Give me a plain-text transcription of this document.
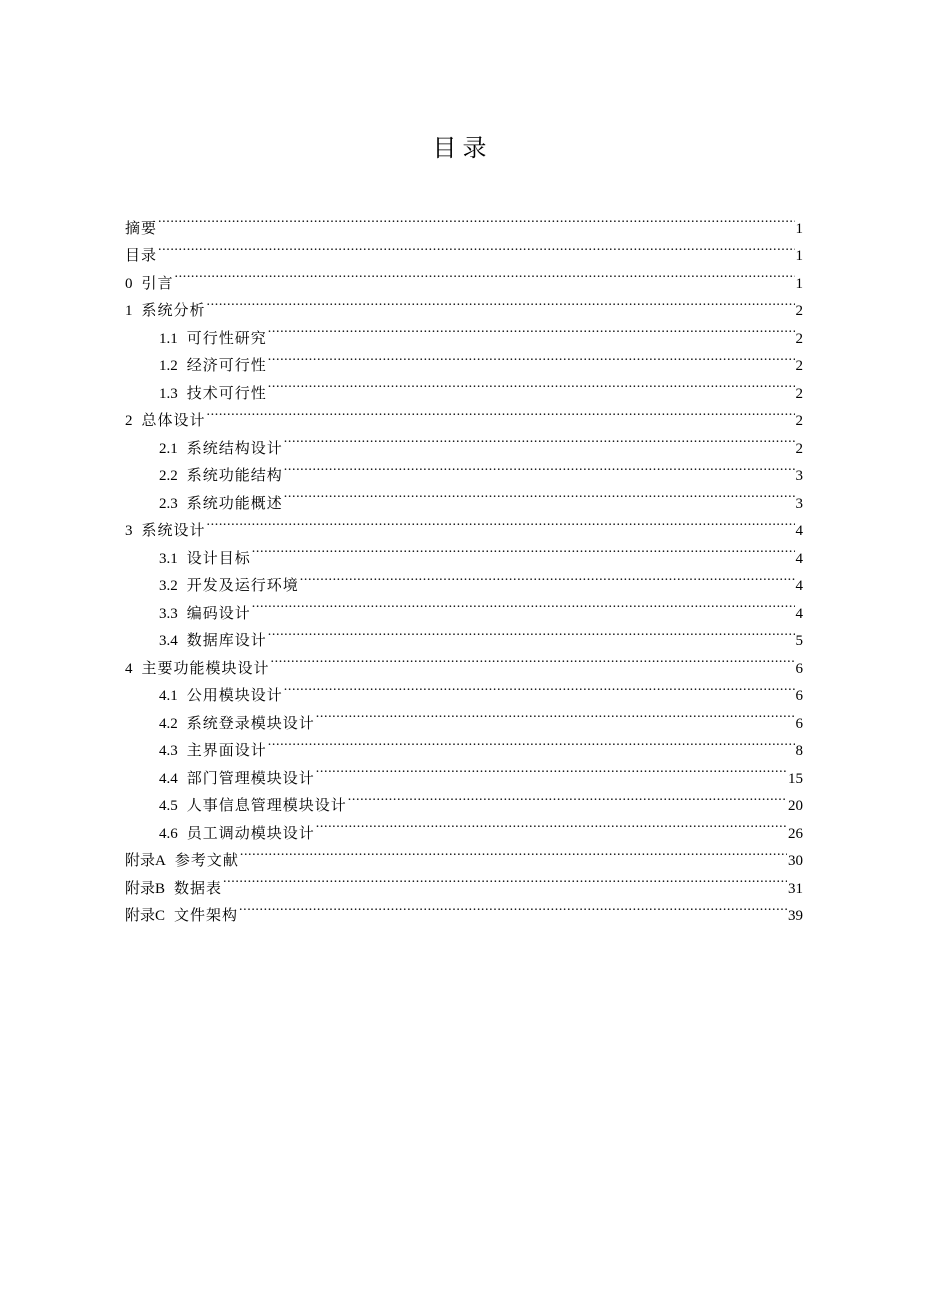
目录
摘要 .....	1
目录 .....	1
0 引言 .....	1
1 系统分析 .....	2
1.1 可行性研究 .....	2
1.2 经济可行性 .....	2
1.3 技术可行性 .....	2
2 总体设计 .....	2
2.1 系统结构设计 .....	2
2.2 系统功能结构 .....	3
2.3 系统功能概述 .....	3
3 系统设计 .....	4
3.1 设计目标 .....	4
3.2 开发及运行环境 .....	4
3.3 编码设计 .....	4
3.4 数据库设计 .....	5
4 主要功能模块设计 .....	6
4.1 公用模块设计 .....	6
4.2 系统登录模块设计 .....	6
4.3 主界面设计 .....	8
4.4 部门管理模块设计 .....	15
4.5 人事信息管理模块设计 .....	20
4.6 员工调动模块设计 .....	26
附录A 参考文献 .....	30
附录B 数据表 .....	31
附录C 文件架构 .....	39
